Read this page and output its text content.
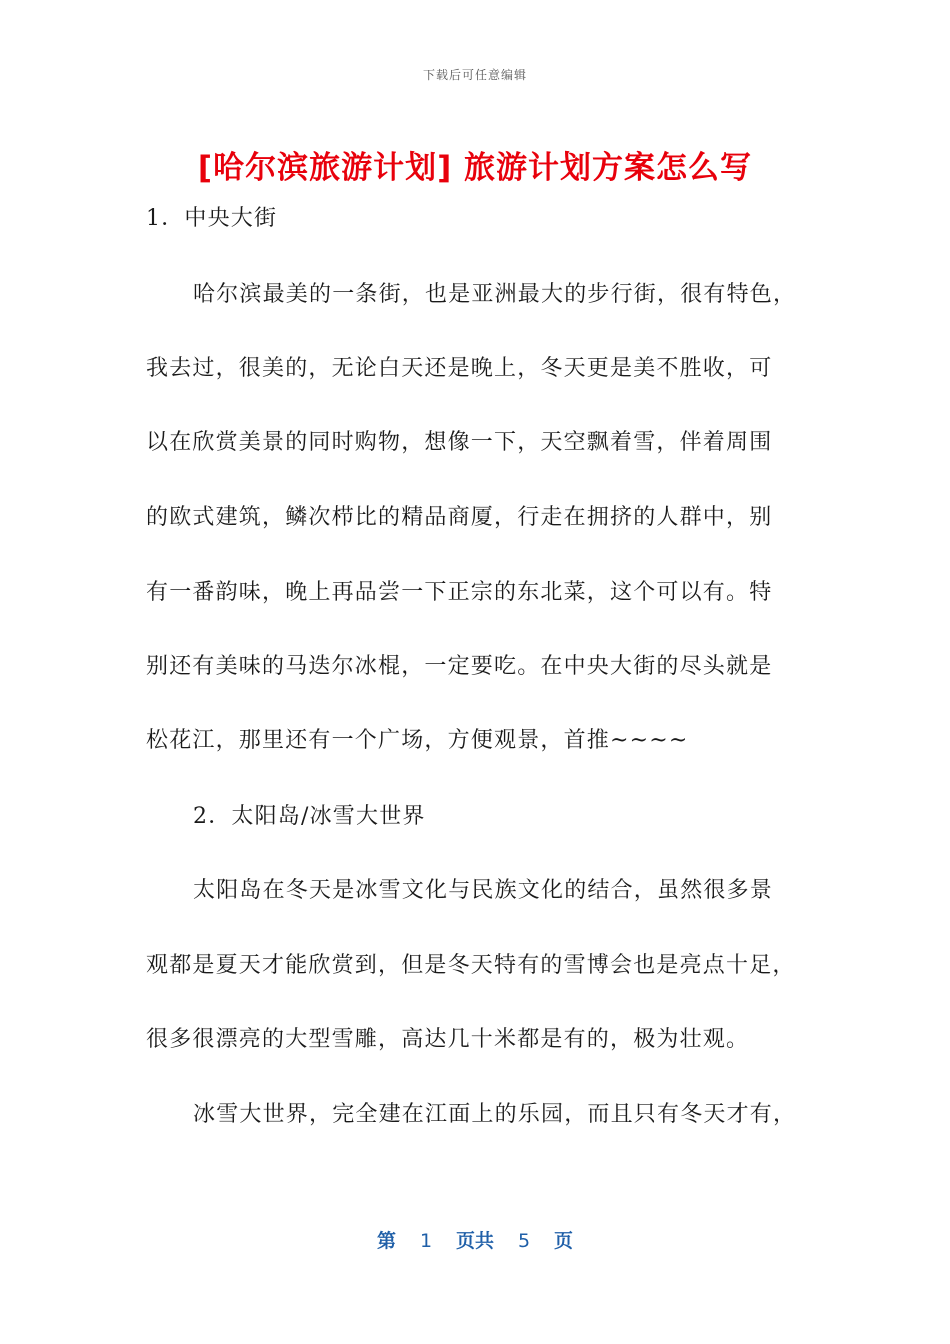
下载后可任意编辑
[哈尔滨旅游计划] 旅游计划方案怎么写
1．中央大街
哈尔滨最美的一条街，也是亚洲最大的步行街，很有特色，
我去过，很美的，无论白天还是晚上，冬天更是美不胜收，可
以在欣赏美景的同时购物，想像一下，天空飘着雪，伴着周围
的欧式建筑，鳞次栉比的精品商厦，行走在拥挤的人群中，别
有一番韵味，晚上再品尝一下正宗的东北菜，这个可以有。特
别还有美味的马迭尔冰棍，一定要吃。在中央大街的尽头就是
松花江，那里还有一个广场，方便观景，首推~~~~
2．太阳岛/冰雪大世界
太阳岛在冬天是冰雪文化与民族文化的结合，虽然很多景
观都是夏天才能欣赏到，但是冬天特有的雪博会也是亮点十足，
很多很漂亮的大型雪雕，高达几十米都是有的，极为壮观。
冰雪大世界，完全建在江面上的乐园，而且只有冬天才有，
第 1 页共 5 页
